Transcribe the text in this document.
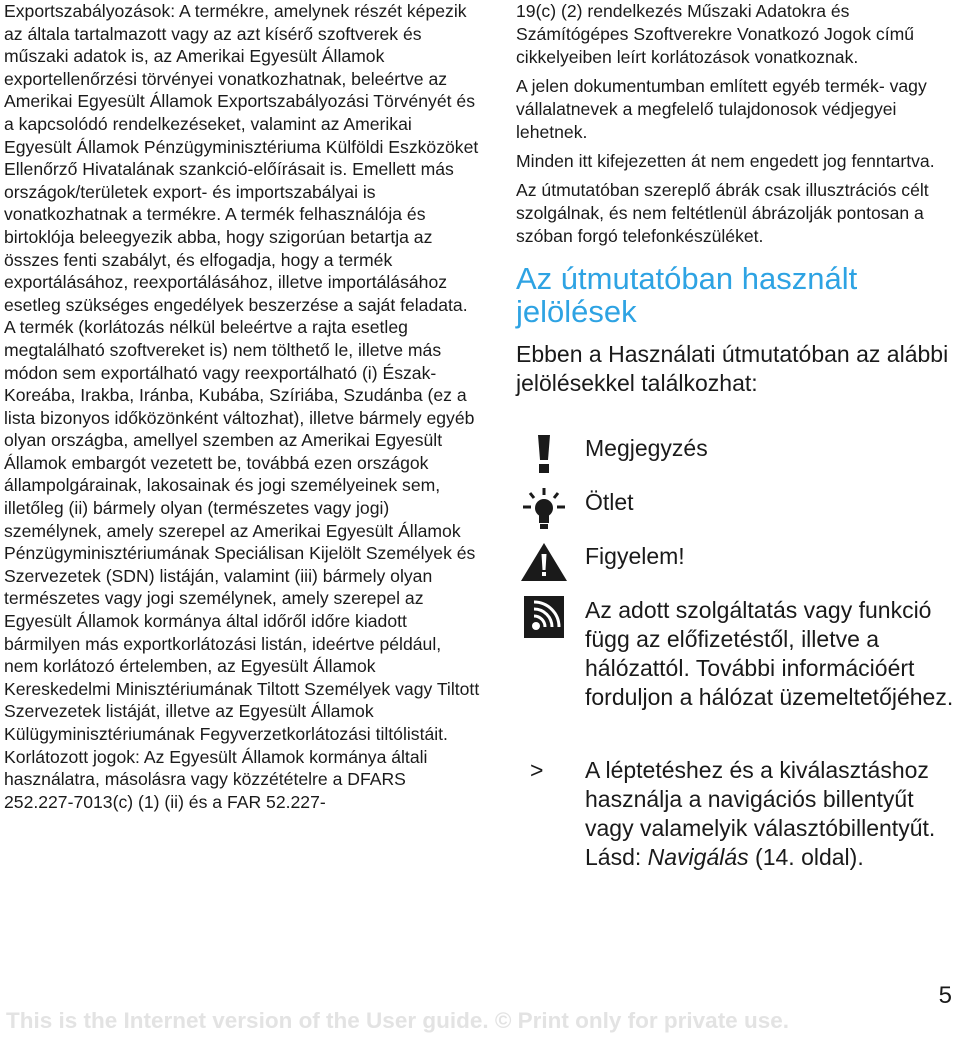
Exportszabályozások: A termékre, amelynek részét képezik az általa tartalmazott vagy az azt kísérő szoftverek és műszaki adatok is, az Amerikai Egyesült Államok exportellenőrzési törvényei vonatkozhatnak, beleértve az Amerikai Egyesült Államok Exportszabályozási Törvényét és a kapcsolódó rendelkezéseket, valamint az Amerikai Egyesült Államok Pénzügyminisztériuma Külföldi Eszközöket Ellenőrző Hivatalának szankció-előírásait is. Emellett más országok/területek export- és importszabályai is vonatkozhatnak a termékre. A termék felhasználója és birtoklója beleegyezik abba, hogy szigorúan betartja az összes fenti szabályt, és elfogadja, hogy a termék exportálásához, reexportálásához, illetve importálásához esetleg szükséges engedélyek beszerzése a saját feladata. A termék (korlátozás nélkül beleértve a rajta esetleg megtalálható szoftvereket is) nem tölthető le, illetve más módon sem exportálható vagy reexportálható (i) Észak-Koreába, Irakba, Iránba, Kubába, Szíriába, Szudánba (ez a lista bizonyos időközönként változhat), illetve bármely egyéb olyan országba, amellyel szemben az Amerikai Egyesült Államok embargót vezetett be, továbbá ezen országok állampolgárainak, lakosainak és jogi személyeinek sem, illetőleg (ii) bármely olyan (természetes vagy jogi) személynek, amely szerepel az Amerikai Egyesült Államok Pénzügyminisztériumának Speciálisan Kijelölt Személyek és Szervezetek (SDN) listáján, valamint (iii) bármely olyan természetes vagy jogi személynek, amely szerepel az Egyesült Államok kormánya által időről időre kiadott bármilyen más exportkorlátozási listán, ideértve például, nem korlátozó értelemben, az Egyesült Államok Kereskedelmi Minisztériumának Tiltott Személyek vagy Tiltott Szervezetek listáját, illetve az Egyesült Államok Külügyminisztériumának Fegyverzetkorlátozási tiltólistáit.

Korlátozott jogok: Az Egyesült Államok kormánya általi használatra, másolásra vagy közzétételre a DFARS 252.227-7013(c) (1) (ii) és a FAR 52.227-

19(c) (2) rendelkezés Műszaki Adatokra és Számítógépes Szoftverekre Vonatkozó Jogok című cikkelyeiben leírt korlátozások vonatkoznak.

A jelen dokumentumban említett egyéb termék- vagy vállalatnevek a megfelelő tulajdonosok védjegyei lehetnek.

Minden itt kifejezetten át nem engedett jog fenntartva.

Az útmutatóban szereplő ábrák csak illusztrációs célt szolgálnak, és nem feltétlenül ábrázolják pontosan a szóban forgó telefonkészüléket.

Az útmutatóban használt jelölések

Ebben a Használati útmutatóban az alábbi jelölésekkel találkozhat:

Megjegyzés
Ötlet
Figyelem!
Az adott szolgáltatás vagy funkció függ az előfizetéstől, illetve a hálózattól. További információért forduljon a hálózat üzemeltetőjéhez.
> A léptetéshez és a kiválasztáshoz használja a navigációs billentyűt vagy valamelyik választóbillentyűt. Lásd: Navigálás (14. oldal).
5
This is the Internet version of the User guide. © Print only for private use.
